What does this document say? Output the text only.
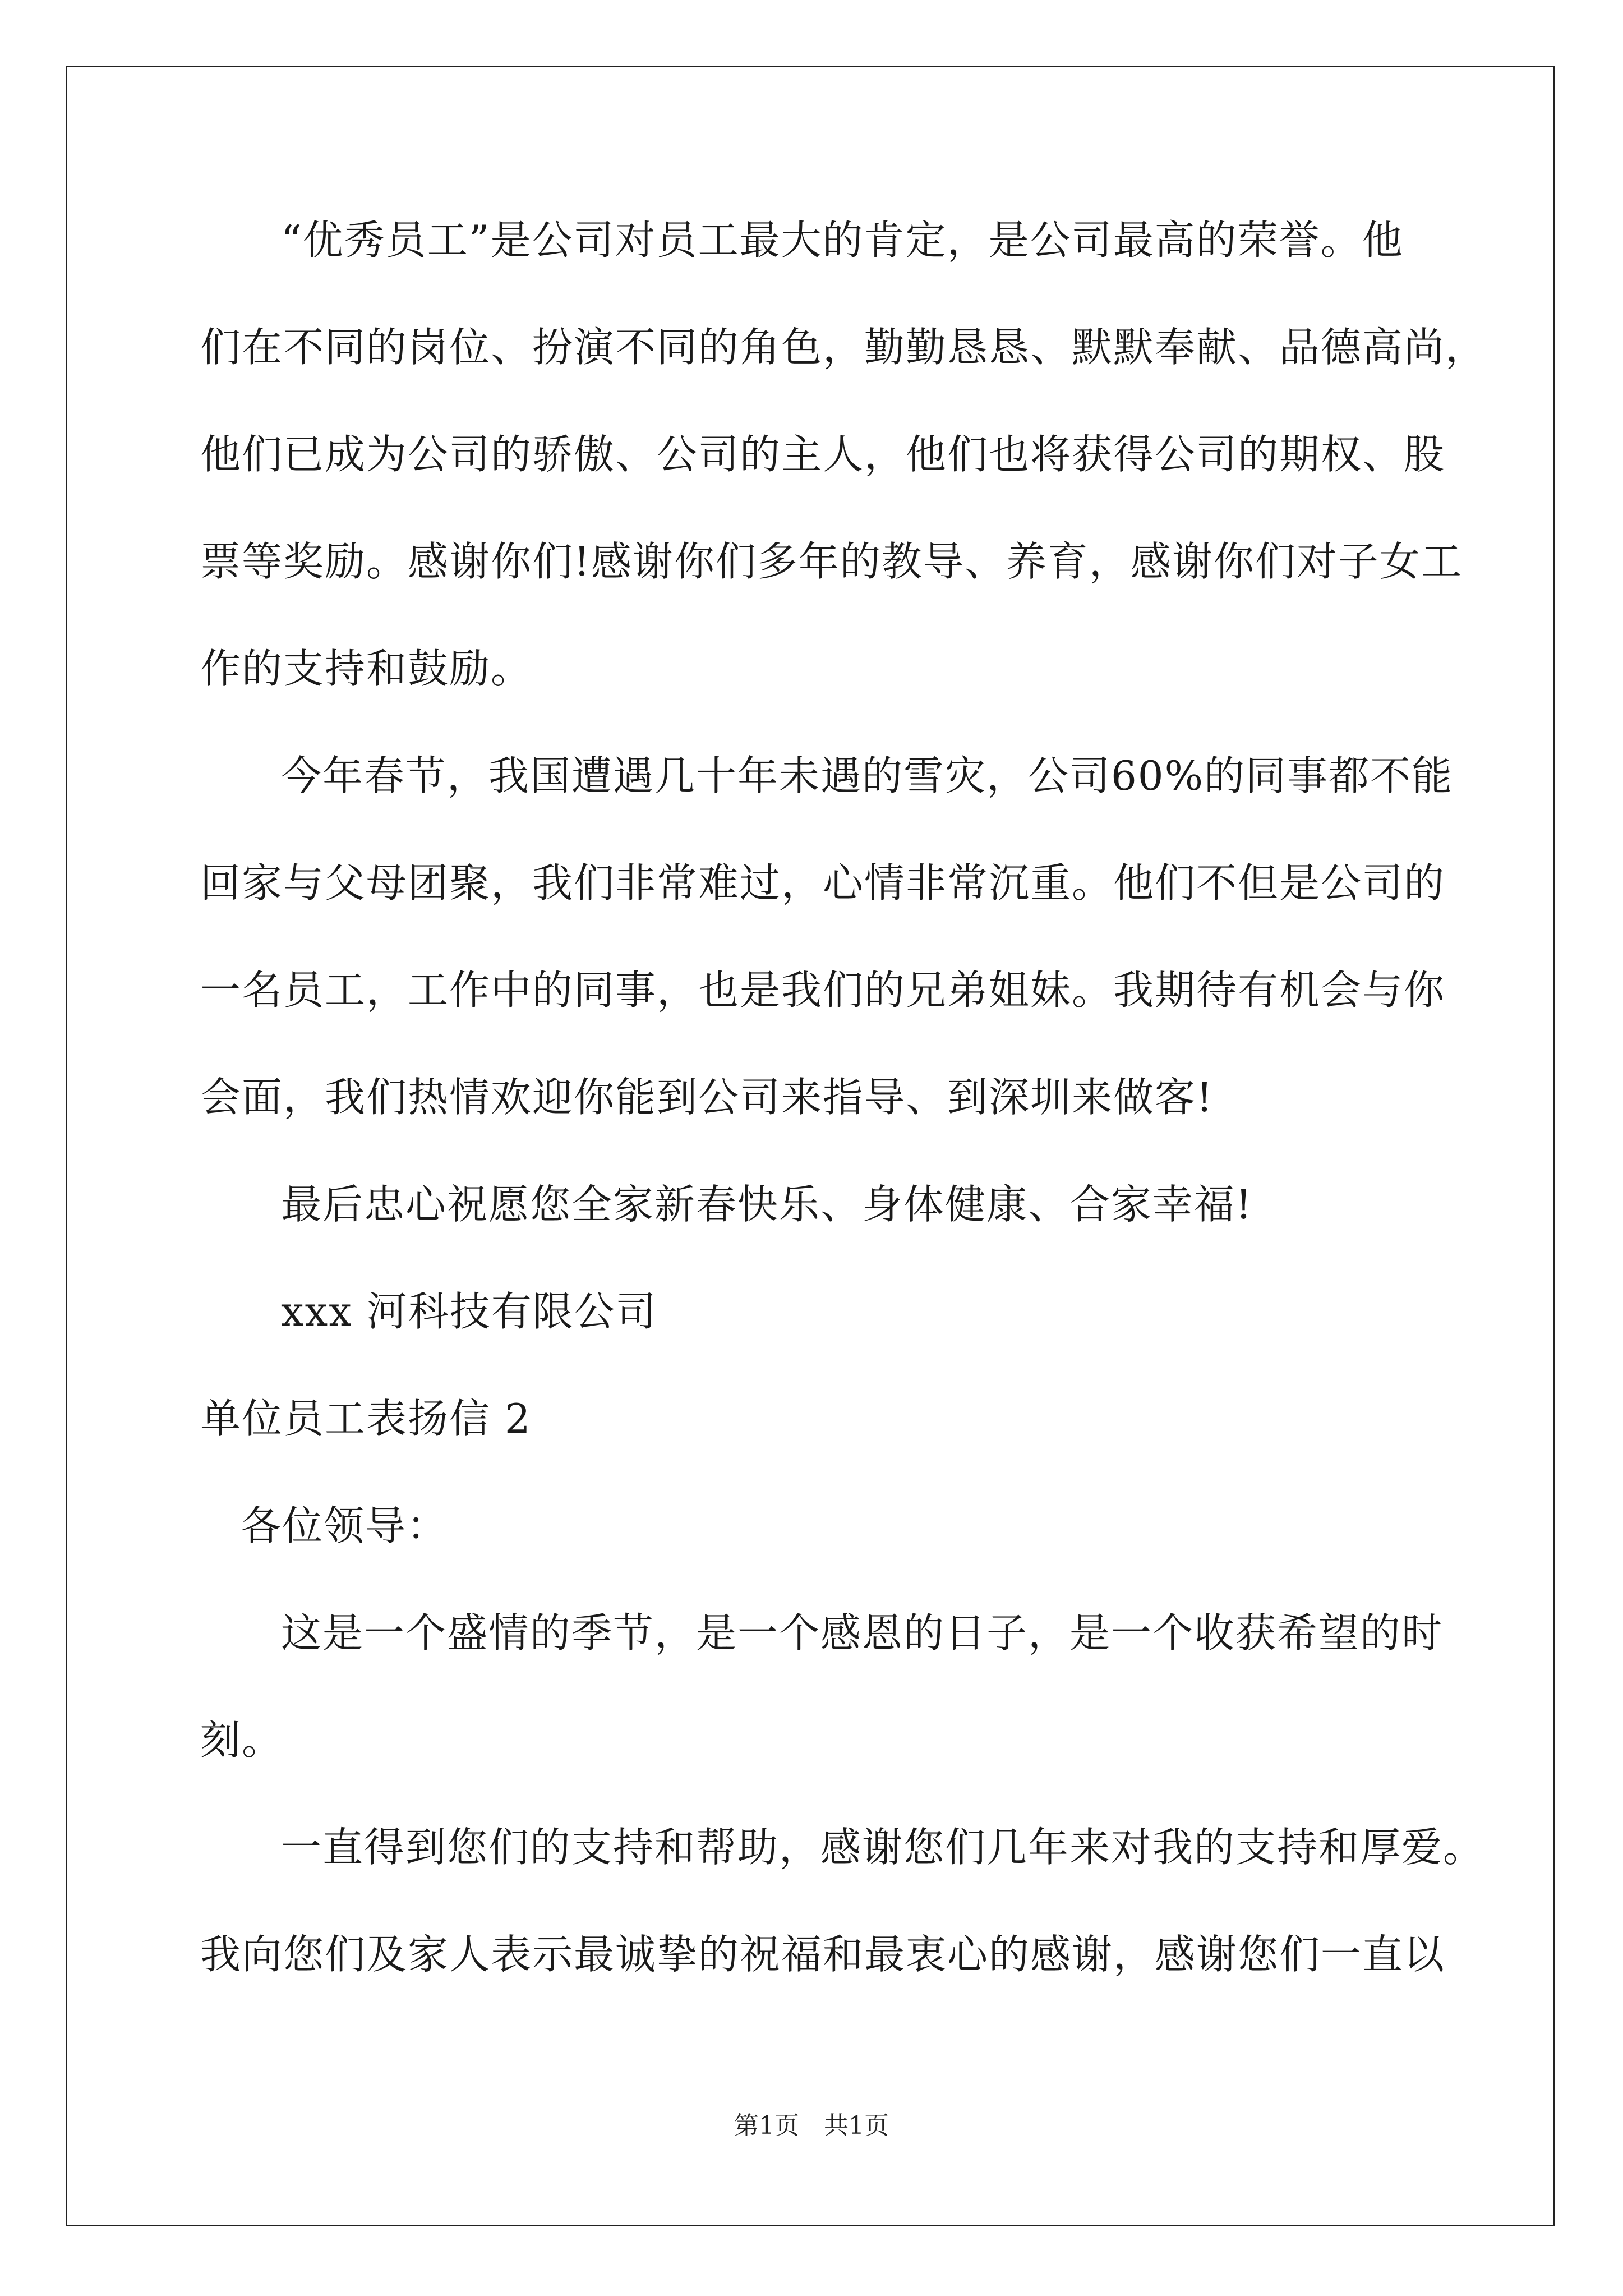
“优秀员工”是公司对员工最大的肯定，是公司最高的荣誉。他
们在不同的岗位、扮演不同的角色，勤勤恳恳、默默奉献、品德高尚，
他们已成为公司的骄傲、公司的主人，他们也将获得公司的期权、股
票等奖励。感谢你们!感谢你们多年的教导、养育，感谢你们对子女工
作的支持和鼓励。
今年春节，我国遭遇几十年未遇的雪灾，公司60%的同事都不能
回家与父母团聚，我们非常难过，心情非常沉重。他们不但是公司的
一名员工，工作中的同事，也是我们的兄弟姐妹。我期待有机会与你
会面，我们热情欢迎你能到公司来指导、到深圳来做客!
最后忠心祝愿您全家新春快乐、身体健康、合家幸福!
xxx 河科技有限公司
单位员工表扬信 2
各位领导：
这是一个盛情的季节，是一个感恩的日子，是一个收获希望的时
刻。
一直得到您们的支持和帮助，感谢您们几年来对我的支持和厚爱。
我向您们及家人表示最诚挚的祝福和最衷心的感谢，感谢您们一直以
第1页　共1页
